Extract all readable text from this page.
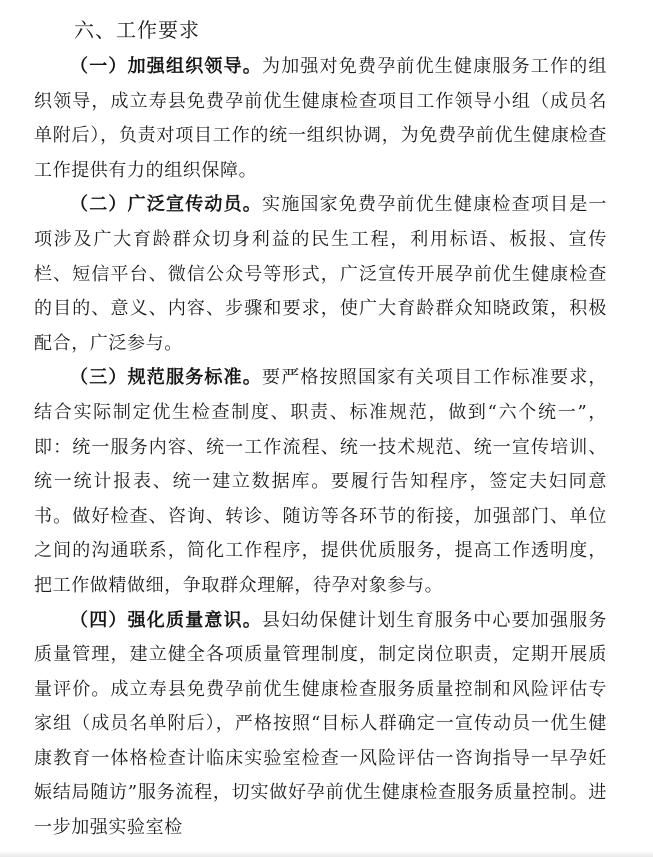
六、工作要求

（一）加强组织领导。为加强对免费孕前优生健康服务工作的组织领导，成立寿县免费孕前优生健康检查项目工作领导小组（成员名单附后），负责对项目工作的统一组织协调，为免费孕前优生健康检查工作提供有力的组织保障。

（二）广泛宣传动员。实施国家免费孕前优生健康检查项目是一项涉及广大育龄群众切身利益的民生工程，利用标语、板报、宣传栏、短信平台、微信公众号等形式，广泛宣传开展孕前优生健康检查的目的、意义、内容、步骤和要求，使广大育龄群众知晓政策，积极配合，广泛参与。

（三）规范服务标准。要严格按照国家有关项目工作标准要求，结合实际制定优生检查制度、职责、标准规范，做到“六个统一”，即：统一服务内容、统一工作流程、统一技术规范、统一宣传培训、统一统计报表、统一建立数据库。要履行告知程序，签定夫妇同意书。做好检查、咨询、转诊、随访等各环节的衔接，加强部门、单位之间的沟通联系，简化工作程序，提供优质服务，提高工作透明度，把工作做精做细，争取群众理解，待孕对象参与。

（四）强化质量意识。县妇幼保健计划生育服务中心要加强服务质量管理，建立健全各项质量管理制度，制定岗位职责，定期开展质量评价。成立寿县免费孕前优生健康检查服务质量控制和风险评估专家组（成员名单附后），严格按照“目标人群确定一宣传动员一优生健康教育一体格检查计临床实验室检查一风险评估一咨询指导一早孕妊娠结局随访”服务流程，切实做好孕前优生健康检查服务质量控制。进一步加强实验室检
